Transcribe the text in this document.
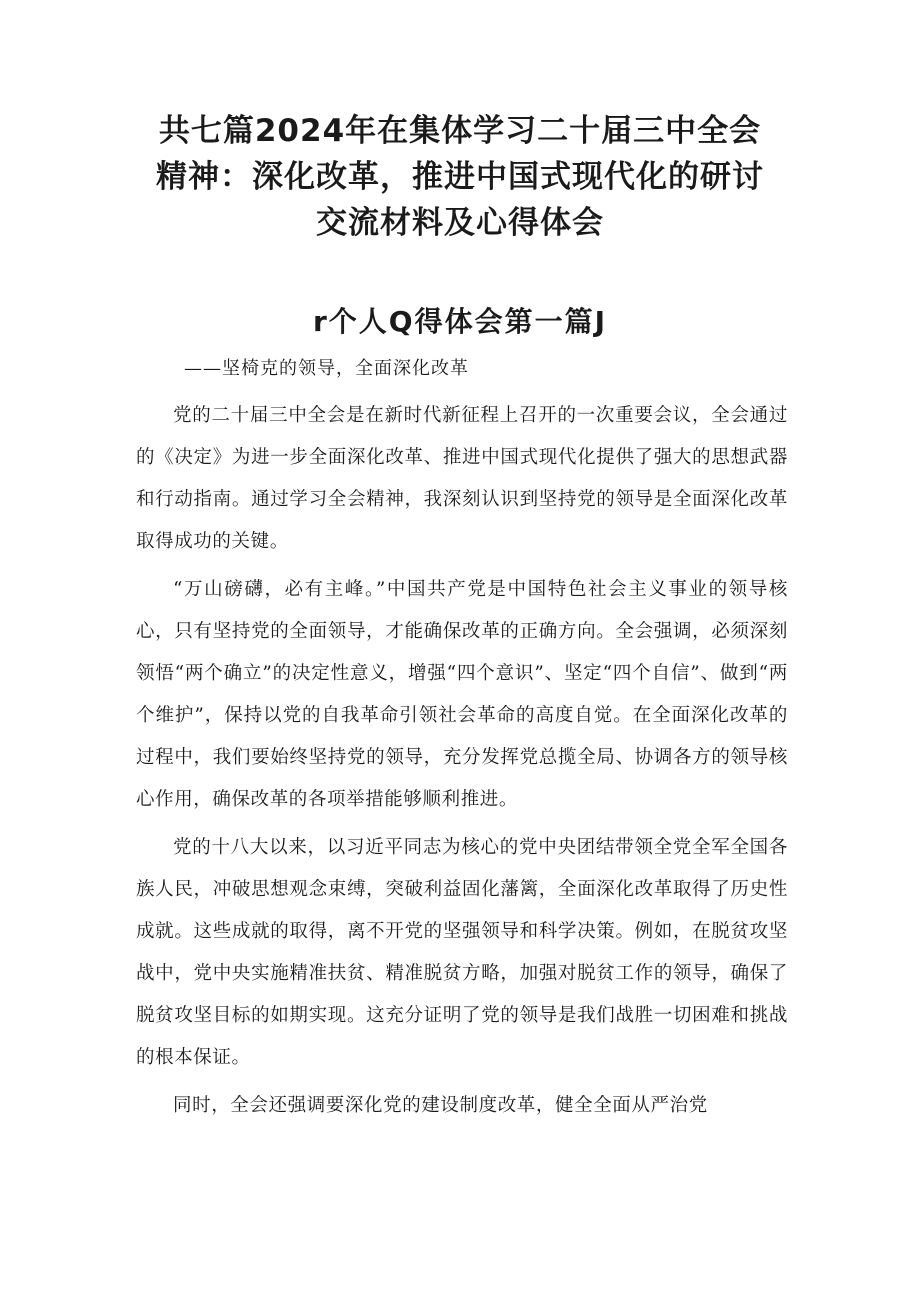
共七篇2024年在集体学习二十届三中全会
精神：深化改革，推进中国式现代化的研讨
交流材料及心得体会
r个人Q得体会第一篇J

——坚椅克的领导，全面深化改革

党的二十届三中全会是在新时代新征程上召开的一次重要会议，全会通过的《决定》为进一步全面深化改革、推进中国式现代化提供了强大的思想武器和行动指南。通过学习全会精神，我深刻认识到坚持党的领导是全面深化改革取得成功的关键。

“万山磅礴，必有主峰。”中国共产党是中国特色社会主义事业的领导核心，只有坚持党的全面领导，才能确保改革的正确方向。全会强调，必须深刻领悟“两个确立”的决定性意义，增强“四个意识”、坚定“四个自信”、做到“两个维护”，保持以党的自我革命引领社会革命的高度自觉。在全面深化改革的过程中，我们要始终坚持党的领导，充分发挥党总揽全局、协调各方的领导核心作用，确保改革的各项举措能够顺利推进。

党的十八大以来，以习近平同志为核心的党中央团结带领全党全军全国各族人民，冲破思想观念束缚，突破利益固化藩篱，全面深化改革取得了历史性成就。这些成就的取得，离不开党的坚强领导和科学决策。例如，在脱贫攻坚战中，党中央实施精准扶贫、精准脱贫方略，加强对脱贫工作的领导，确保了脱贫攻坚目标的如期实现。这充分证明了党的领导是我们战胜一切困难和挑战的根本保证。

同时，全会还强调要深化党的建设制度改革，健全全面从严治党
